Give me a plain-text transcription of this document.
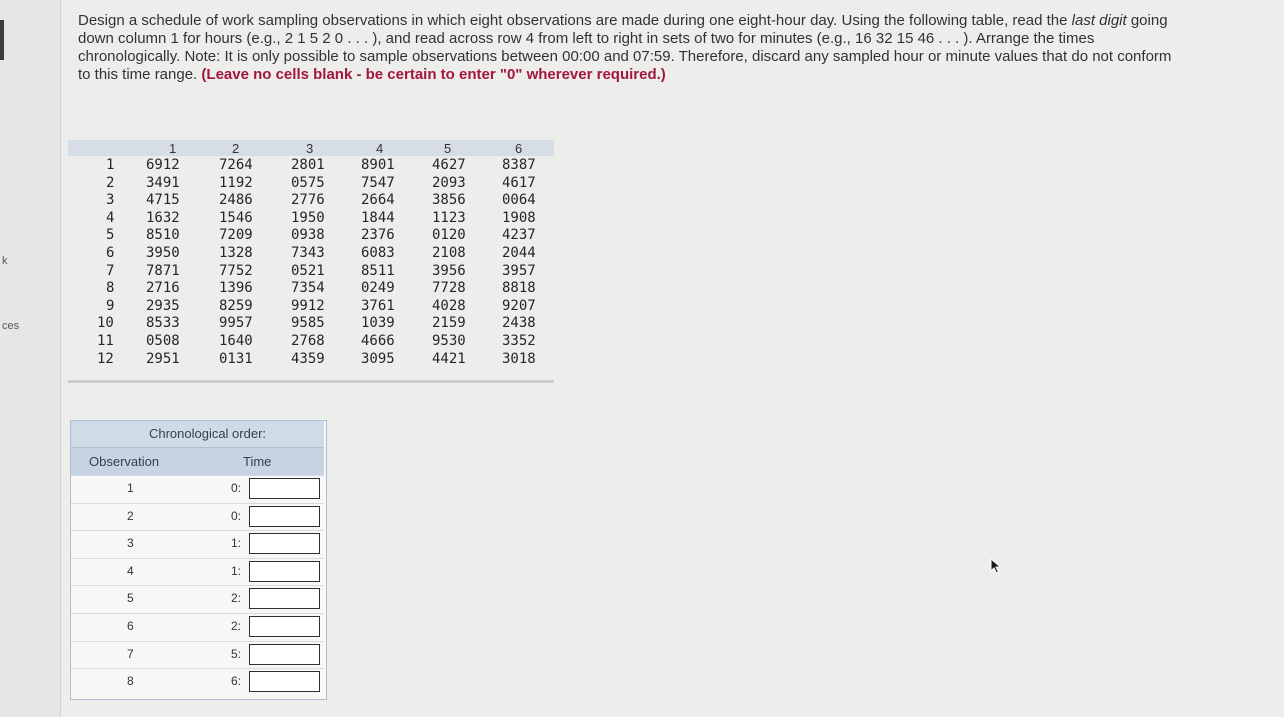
k
ces
Design a schedule of work sampling observations in which eight observations are made during one eight-hour day. Using the following table, read the last digit going down column 1 for hours (e.g., 2 1 5 2 0 . . . ), and read across row 4 from left to right in sets of two for minutes (e.g., 16 32 15 46 . . . ). Arrange the times chronologically. Note: It is only possible to sample observations between 00:00 and 07:59. Therefore, discard any sampled hour or minute values that do not conform to this time range. (Leave no cells blank - be certain to enter "0" wherever required.)
1	2	3	4	5	6
1 6912	7264	2801	8901	4627	8387
2 3491	1192	0575	7547	2093	4617
3 4715	2486	2776	2664	3856	0064
4 1632	1546	1950	1844	1123	1908
5 8510	7209	0938	2376	0120	4237
6 3950	1328	7343	6083	2108	2044
7 7871	7752	0521	8511	3956	3957
8 2716	1396	7354	0249	7728	8818
9 2935	8259	9912	3761	4028	9207
10 8533	9957	9585	1039	2159	2438
11 0508	1640	2768	4666	9530	3352
12 2951	0131	4359	3095	4421	3018
Chronological order:
Observation	Time
1	0:
2	0:
3	1:
4	1:
5	2:
6	2:
7	5:
8	6:
